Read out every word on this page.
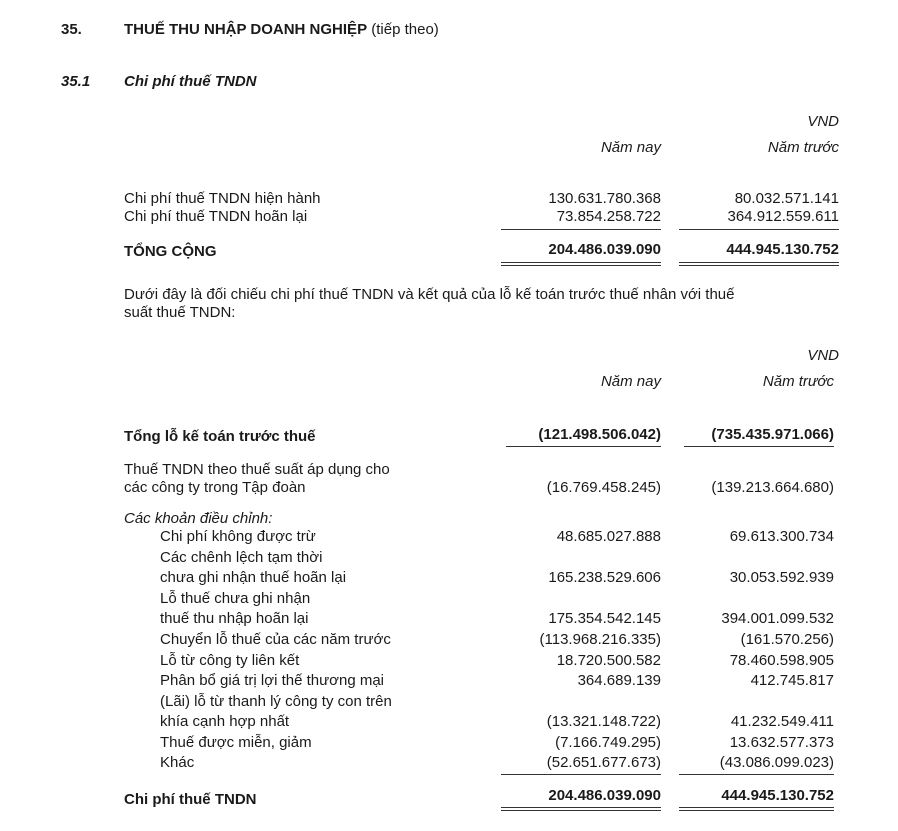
35.	THUẾ THU NHẬP DOANH NGHIỆP (tiếp theo)
35.1 Chi phí thuế TNDN
VND
Năm nay	Năm trước
Chi phí thuế TNDN hiện hành	130.631.780.368	80.032.571.141
Chi phí thuế TNDN hoãn lại	73.854.258.722	364.912.559.611
TỔNG CỘNG	204.486.039.090	444.945.130.752
Dưới đây là đối chiếu chi phí thuế TNDN và kết quả của lỗ kế toán trước thuế nhân với thuế
suất thuế TNDN:
VND
Năm nay	Năm trước
Tổng lỗ kế toán trước thuế	(121.498.506.042)	(735.435.971.066)
Thuế TNDN theo thuế suất áp dụng cho
các công ty trong Tập đoàn	(16.769.458.245)	(139.213.664.680)
Các khoản điều chỉnh:
Chi phí không được trừ	48.685.027.888	69.613.300.734
Các chênh lệch tạm thời
chưa ghi nhận thuế hoãn lại	165.238.529.606	30.053.592.939
Lỗ thuế chưa ghi nhận
thuế thu nhập hoãn lại	175.354.542.145	394.001.099.532
Chuyển lỗ thuế của các năm trước	(113.968.216.335)	(161.570.256)
Lỗ từ công ty liên kết	18.720.500.582	78.460.598.905
Phân bổ giá trị lợi thế thương mại	364.689.139	412.745.817
(Lãi) lỗ từ thanh lý công ty con trên
khía cạnh hợp nhất	(13.321.148.722)	41.232.549.411
Thuế được miễn, giảm	(7.166.749.295)	13.632.577.373
Khác	(52.651.677.673)	(43.086.099.023)
Chi phí thuế TNDN	204.486.039.090	444.945.130.752
